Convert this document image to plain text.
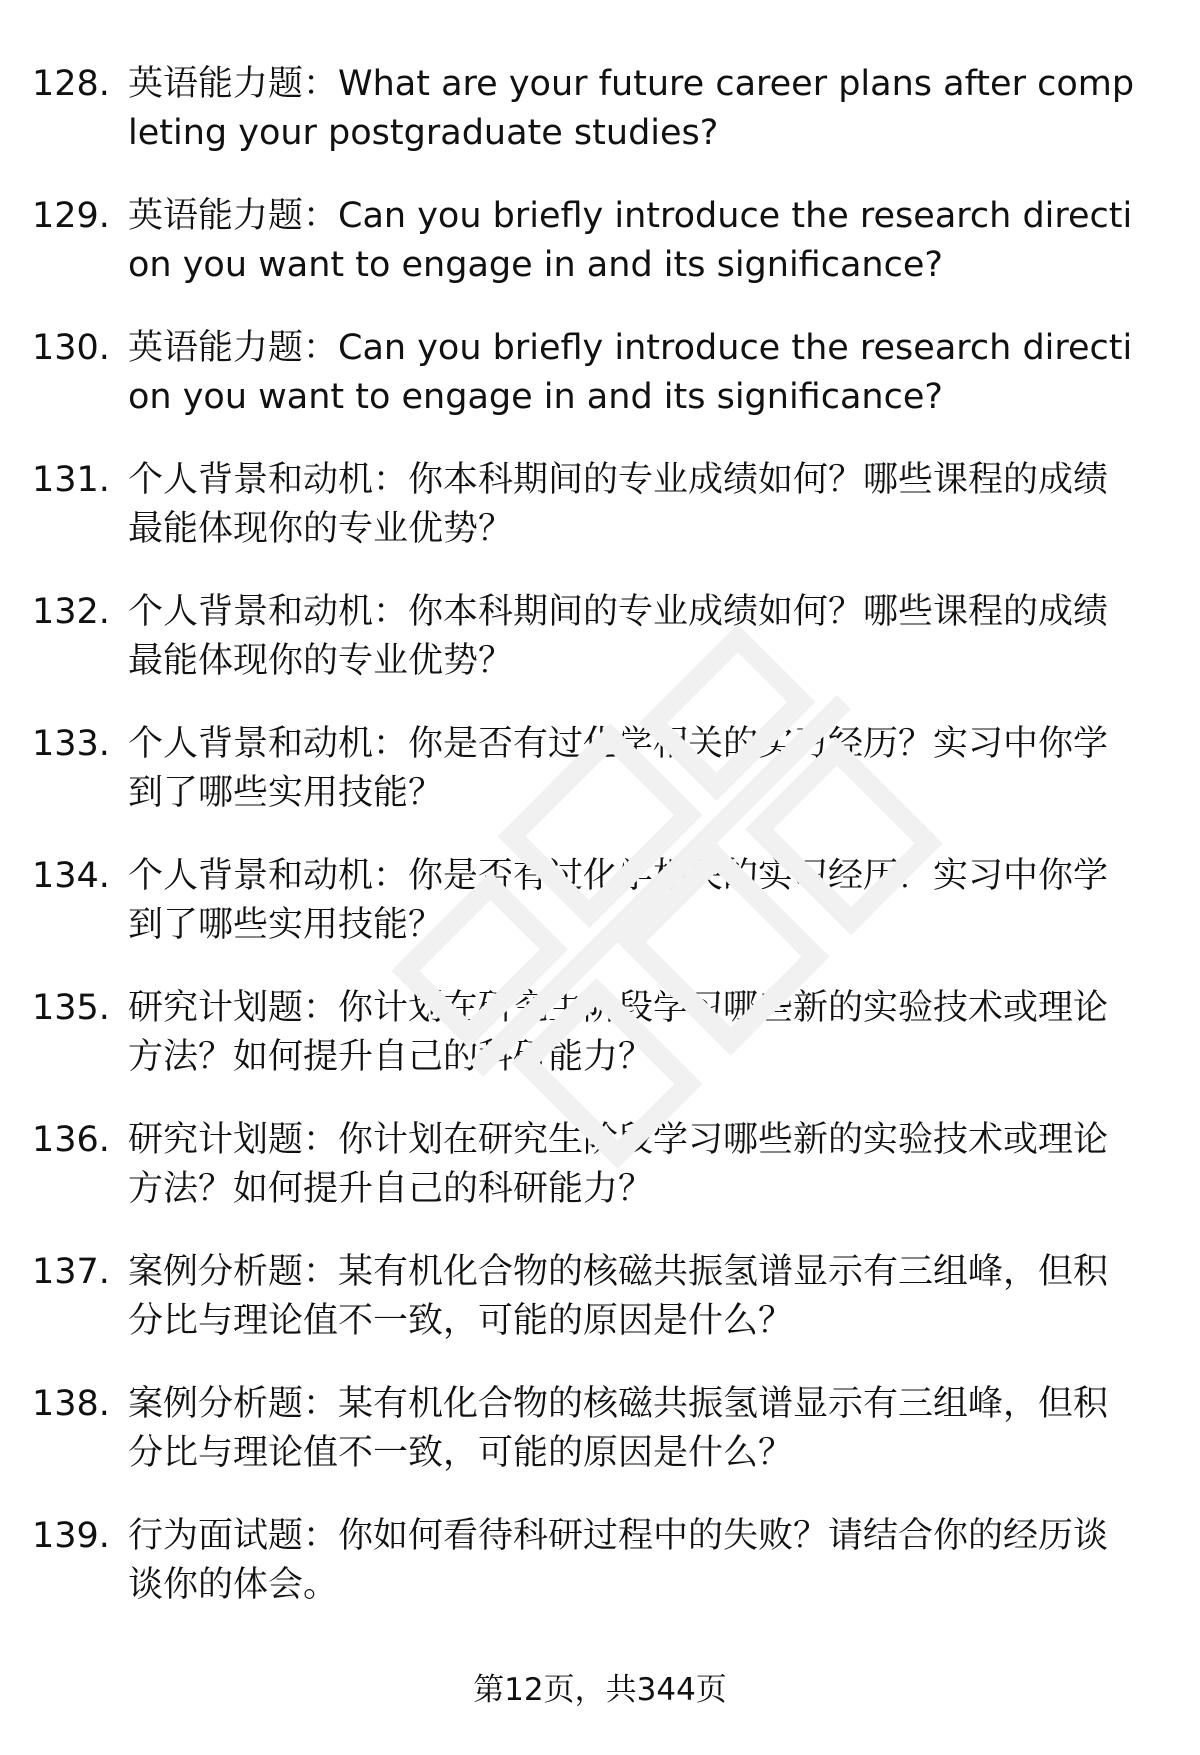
128. 英语能力题：What are your future career plans after completing your postgraduate studies?
129. 英语能力题：Can you briefly introduce the research direction you want to engage in and its significance?
130. 英语能力题：Can you briefly introduce the research direction you want to engage in and its significance?
131. 个人背景和动机：你本科期间的专业成绩如何？哪些课程的成绩最能体现你的专业优势？
132. 个人背景和动机：你本科期间的专业成绩如何？哪些课程的成绩最能体现你的专业优势？
133. 个人背景和动机：你是否有过化学相关的实习经历？实习中你学到了哪些实用技能？
134. 个人背景和动机：你是否有过化学相关的实习经历？实习中你学到了哪些实用技能？
135. 研究计划题：你计划在研究生阶段学习哪些新的实验技术或理论方法？如何提升自己的科研能力？
136. 研究计划题：你计划在研究生阶段学习哪些新的实验技术或理论方法？如何提升自己的科研能力？
137. 案例分析题：某有机化合物的核磁共振氢谱显示有三组峰，但积分比与理论值不一致，可能的原因是什么？
138. 案例分析题：某有机化合物的核磁共振氢谱显示有三组峰，但积分比与理论值不一致，可能的原因是什么？
139. 行为面试题：你如何看待科研过程中的失败？请结合你的经历谈谈你的体会。
第12页，共344页
